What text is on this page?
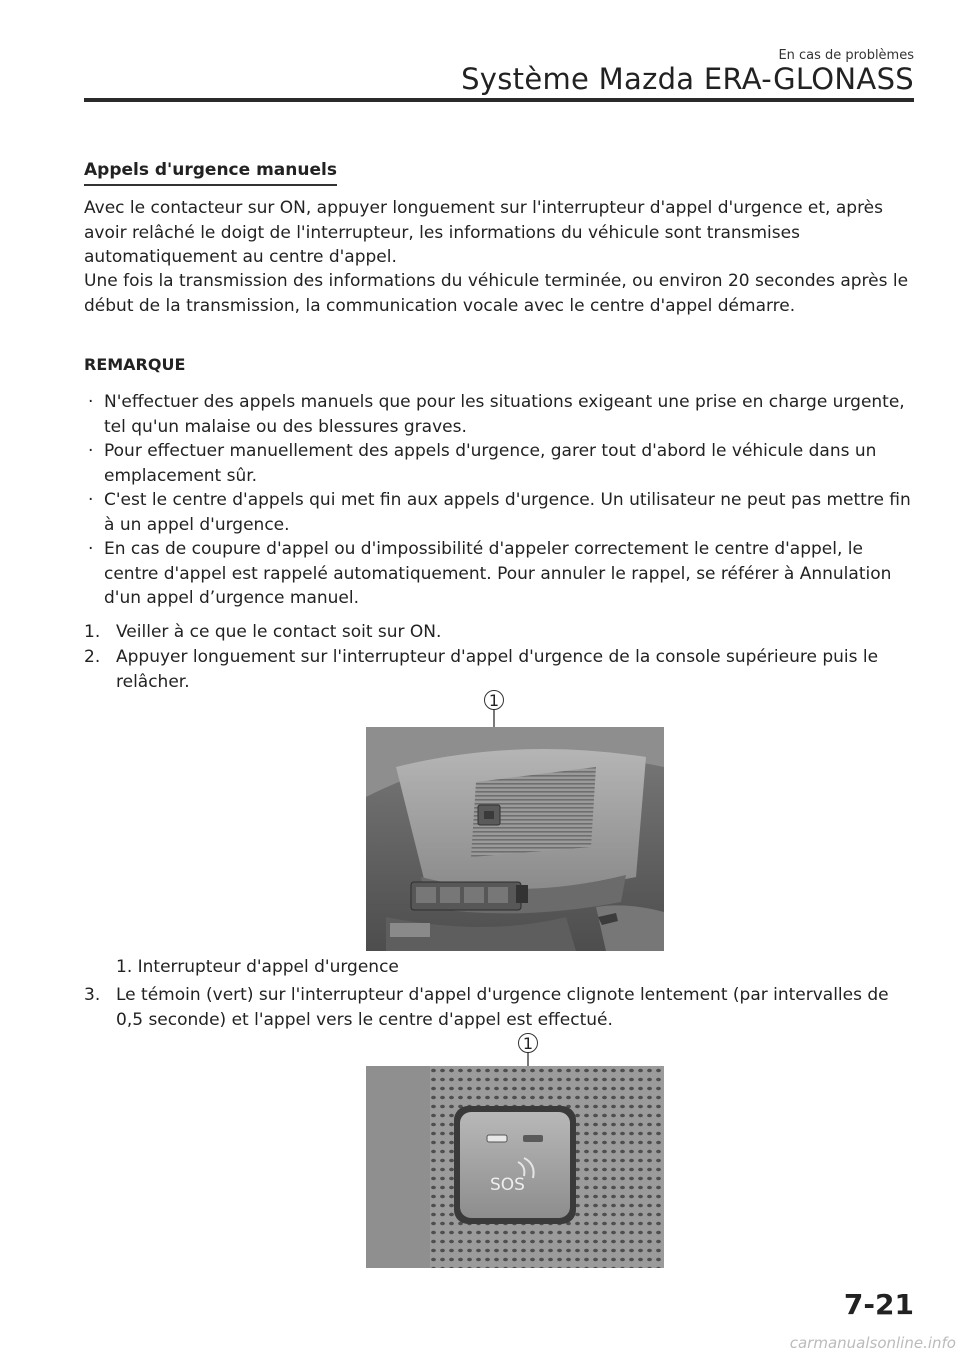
En cas de problèmes
Système Mazda ERA-GLONASS
Appels d'urgence manuels
Avec le contacteur sur ON, appuyer longuement sur l'interrupteur d'appel d'urgence et, après avoir relâché le doigt de l'interrupteur, les informations du véhicule sont transmises automatiquement au centre d'appel.
Une fois la transmission des informations du véhicule terminée, ou environ 20 secondes après le début de la transmission, la communication vocale avec le centre d'appel démarre.
REMARQUE
· N'effectuer des appels manuels que pour les situations exigeant une prise en charge urgente, tel qu'un malaise ou des blessures graves.
· Pour effectuer manuellement des appels d'urgence, garer tout d'abord le véhicule dans un emplacement sûr.
· C'est le centre d'appels qui met fin aux appels d'urgence. Un utilisateur ne peut pas mettre fin à un appel d'urgence.
· En cas de coupure d'appel ou d'impossibilité d'appeler correctement le centre d'appel, le centre d'appel est rappelé automatiquement. Pour annuler le rappel, se référer à Annulation d'un appel d’urgence manuel.
1. Veiller à ce que le contact soit sur ON.
2. Appuyer longuement sur l'interrupteur d'appel d'urgence de la console supérieure puis le relâcher.
1
1. Interrupteur d'appel d'urgence
3. Le témoin (vert) sur l'interrupteur d'appel d'urgence clignote lentement (par intervalles de 0,5 seconde) et l'appel vers le centre d'appel est effectué.
1
SOS
7-21
carmanualsonline.info
